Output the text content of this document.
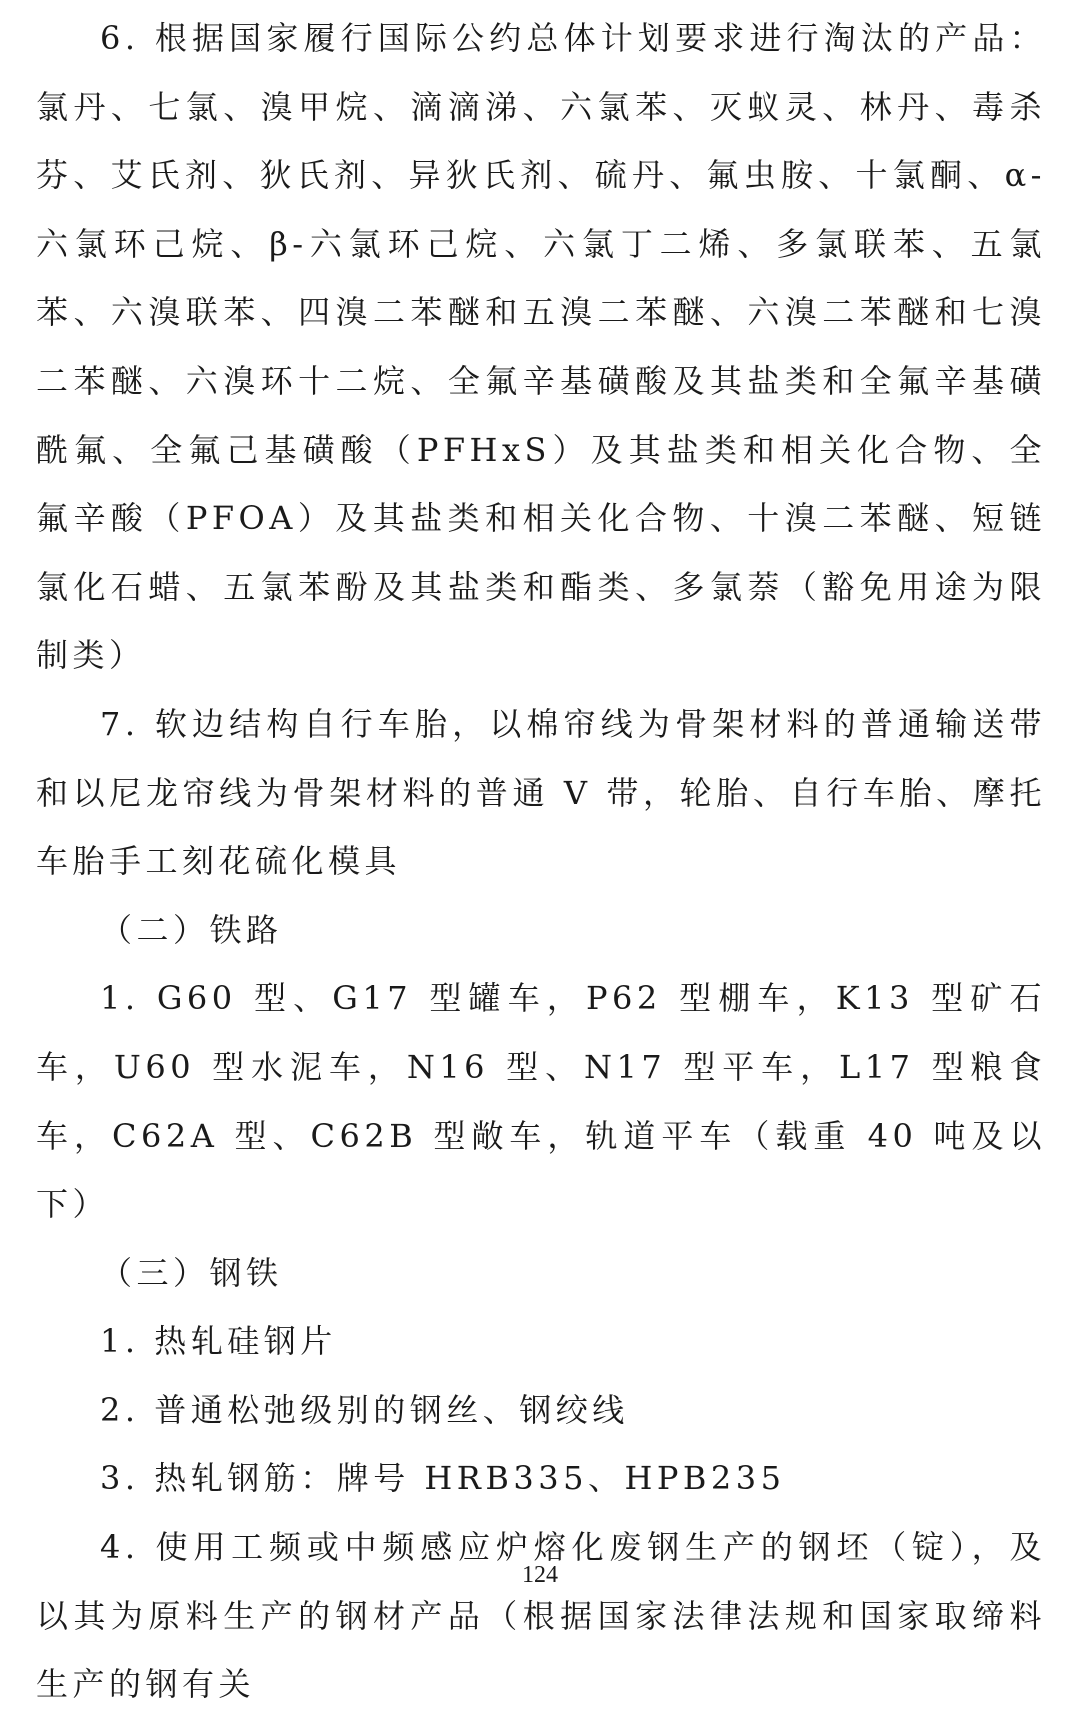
6. 根据国家履行国际公约总体计划要求进行淘汰的产品：氯丹、七氯、溴甲烷、滴滴涕、六氯苯、灭蚁灵、林丹、毒杀芬、艾氏剂、狄氏剂、异狄氏剂、硫丹、氟虫胺、十氯酮、α-六氯环己烷、β-六氯环己烷、六氯丁二烯、多氯联苯、五氯苯、六溴联苯、四溴二苯醚和五溴二苯醚、六溴二苯醚和七溴二苯醚、六溴环十二烷、全氟辛基磺酸及其盐类和全氟辛基磺酰氟、全氟己基磺酸（PFHxS）及其盐类和相关化合物、全氟辛酸（PFOA）及其盐类和相关化合物、十溴二苯醚、短链氯化石蜡、五氯苯酚及其盐类和酯类、多氯萘（豁免用途为限制类）

7. 软边结构自行车胎，以棉帘线为骨架材料的普通输送带和以尼龙帘线为骨架材料的普通 V 带，轮胎、自行车胎、摩托车胎手工刻花硫化模具

（二）铁路

1. G60 型、G17 型罐车，P62 型棚车，K13 型矿石车，U60 型水泥车，N16 型、N17 型平车，L17 型粮食车，C62A 型、C62B 型敞车，轨道平车（载重 40 吨及以下）

（三）钢铁

1. 热轧硅钢片

2. 普通松弛级别的钢丝、钢绞线

3. 热轧钢筋：牌号 HRB335、HPB235

4. 使用工频或中频感应炉熔化废钢生产的钢坯（锭），及以其为原料生产的钢材产品（根据国家法律法规和国家取缔料生产的钢有关

124
